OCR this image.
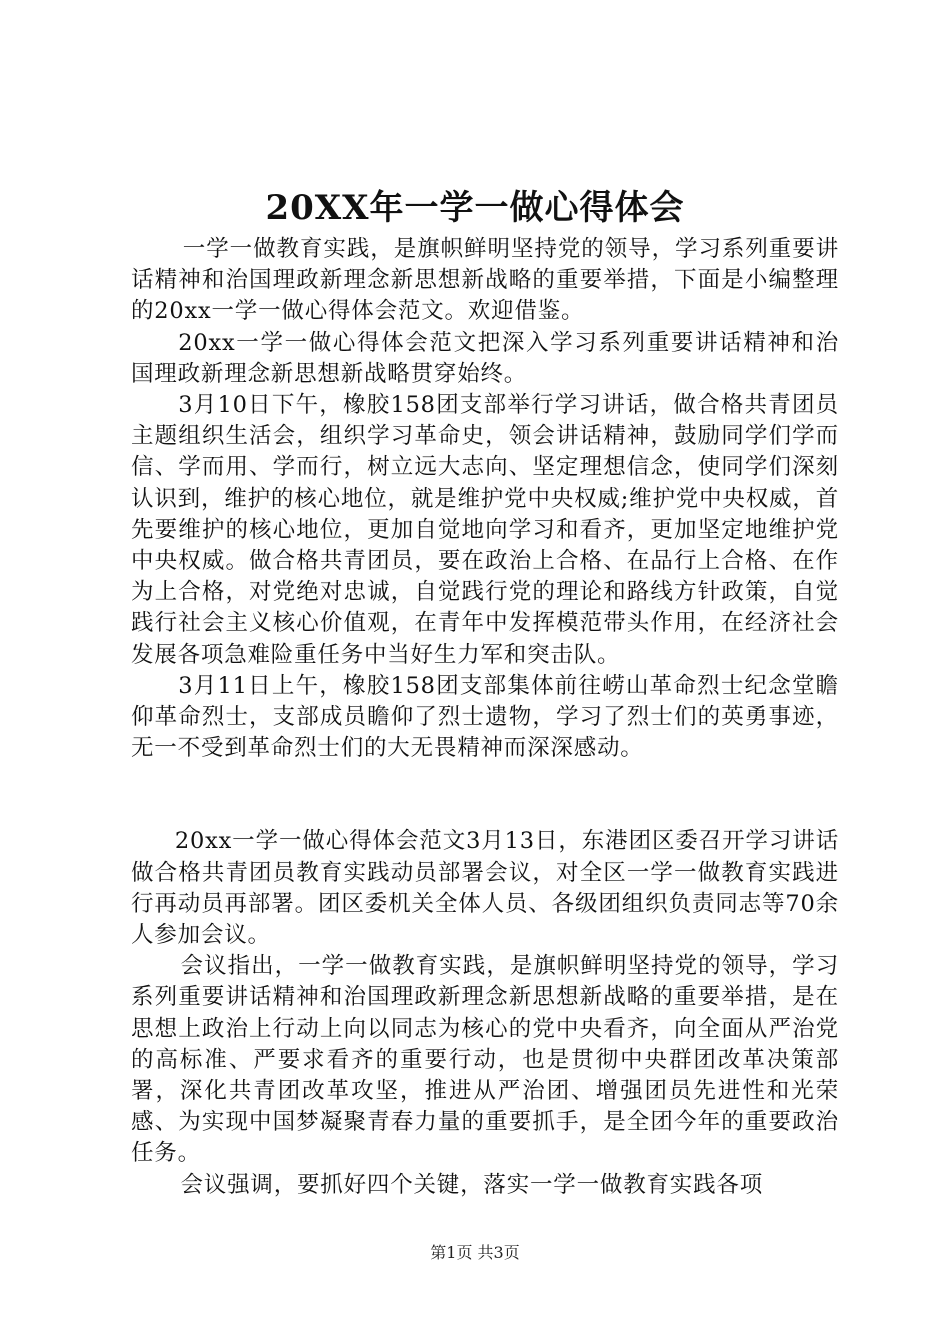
20XX年一学一做心得体会

一学一做教育实践，是旗帜鲜明坚持党的领导，学习系列重要讲话精神和治国理政新理念新思想新战略的重要举措，下面是小编整理的20xx一学一做心得体会范文。欢迎借鉴。

20xx一学一做心得体会范文把深入学习系列重要讲话精神和治国理政新理念新思想新战略贯穿始终。

3月10日下午，橡胶158团支部举行学习讲话，做合格共青团员主题组织生活会，组织学习革命史，领会讲话精神，鼓励同学们学而信、学而用、学而行，树立远大志向、坚定理想信念，使同学们深刻认识到，维护的核心地位，就是维护党中央权威;维护党中央权威，首先要维护的核心地位，更加自觉地向学习和看齐，更加坚定地维护党中央权威。做合格共青团员，要在政治上合格、在品行上合格、在作为上合格，对党绝对忠诚，自觉践行党的理论和路线方针政策，自觉践行社会主义核心价值观，在青年中发挥模范带头作用，在经济社会发展各项急难险重任务中当好生力军和突击队。

3月11日上午，橡胶158团支部集体前往崂山革命烈士纪念堂瞻仰革命烈士，支部成员瞻仰了烈士遗物，学习了烈士们的英勇事迹，无一不受到革命烈士们的大无畏精神而深深感动。

20xx一学一做心得体会范文3月13日，东港团区委召开学习讲话做合格共青团员教育实践动员部署会议，对全区一学一做教育实践进行再动员再部署。团区委机关全体人员、各级团组织负责同志等70余人参加会议。

会议指出，一学一做教育实践，是旗帜鲜明坚持党的领导，学习系列重要讲话精神和治国理政新理念新思想新战略的重要举措，是在思想上政治上行动上向以同志为核心的党中央看齐，向全面从严治党的高标准、严要求看齐的重要行动，也是贯彻中央群团改革决策部署，深化共青团改革攻坚，推进从严治团、增强团员先进性和光荣感、为实现中国梦凝聚青春力量的重要抓手，是全团今年的重要政治任务。

会议强调，要抓好四个关键，落实一学一做教育实践各项

第1页 共3页
